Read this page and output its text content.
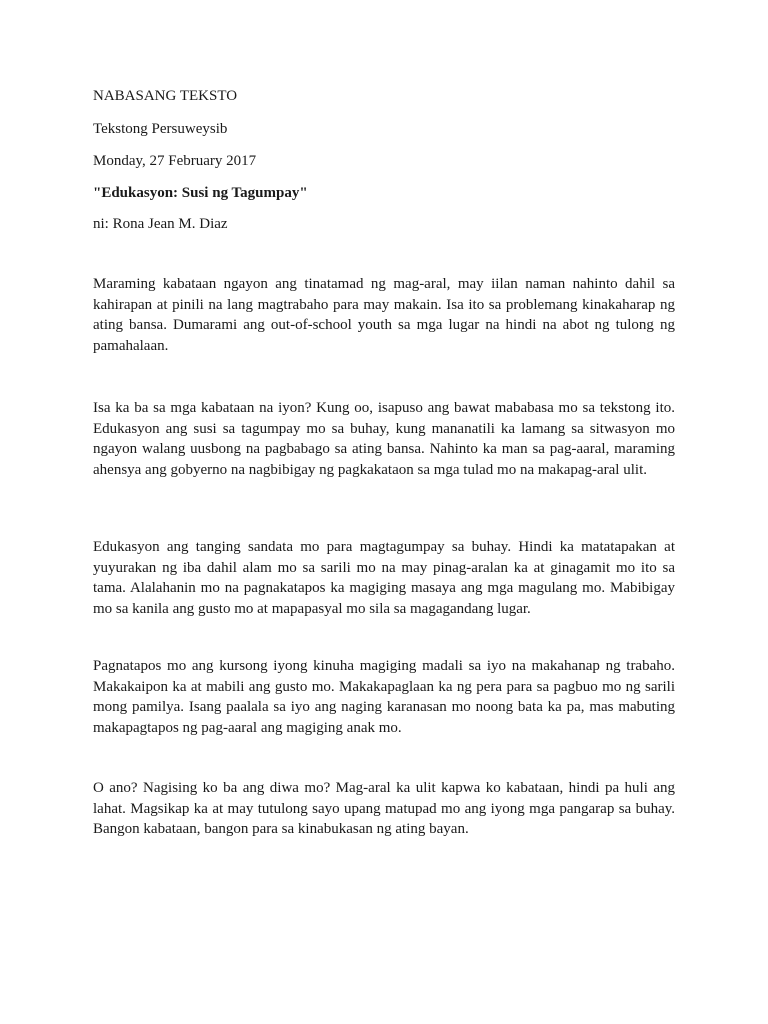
NABASANG TEKSTO
Tekstong Persuweysib
Monday, 27 February 2017
"Edukasyon: Susi ng Tagumpay"
ni: Rona Jean M. Diaz

Maraming kabataan ngayon ang tinatamad ng mag-aral, may iilan naman nahinto dahil sa kahirapan at pinili na lang magtrabaho para may makain. Isa ito sa problemang kinakaharap ng ating bansa. Dumarami ang out-of-school youth sa mga lugar na hindi na abot ng tulong ng pamahalaan.

Isa ka ba sa mga kabataan na iyon? Kung oo, isapuso ang bawat mababasa mo sa tekstong ito. Edukasyon ang susi sa tagumpay mo sa buhay, kung mananatili ka lamang sa sitwasyon mo ngayon walang uusbong na pagbabago sa ating bansa. Nahinto ka man sa pag-aaral, maraming ahensya ang gobyerno na nagbibigay ng pagkakataon sa mga tulad mo na makapag-aral ulit.

Edukasyon ang tanging sandata mo para magtagumpay sa buhay. Hindi ka matatapakan at yuyurakan ng iba dahil alam mo sa sarili mo na may pinag-aralan ka at ginagamit mo ito sa tama. Alalahanin mo na pagnakatapos ka magiging masaya ang mga magulang mo. Mabibigay mo sa kanila ang gusto mo at mapapasyal mo sila sa magagandang lugar.

Pagnatapos mo ang kursong iyong kinuha magiging madali sa iyo na makahanap ng trabaho. Makakaipon ka at mabili ang gusto mo. Makakapaglaan ka ng pera para sa pagbuo mo ng sarili mong pamilya. Isang paalala sa iyo ang naging karanasan mo noong bata ka pa, mas mabuting makapagtapos ng pag-aaral ang magiging anak mo.

O ano? Nagising ko ba ang diwa mo? Mag-aral ka ulit kapwa ko kabataan, hindi pa huli ang lahat. Magsikap ka at may tutulong sayo upang matupad mo ang iyong mga pangarap sa buhay. Bangon kabataan, bangon para sa kinabukasan ng ating bayan.
